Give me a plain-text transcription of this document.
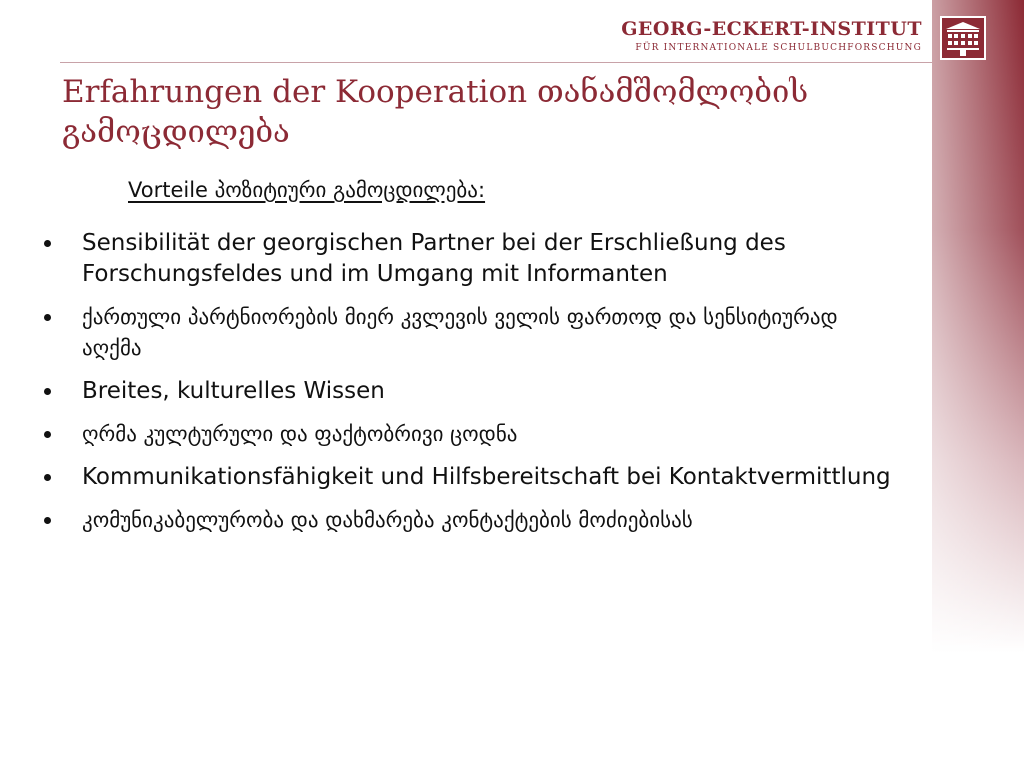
GEORG-ECKERT-INSTITUT
FÜR INTERNATIONALE SCHULBUCHFORSCHUNG
Erfahrungen der Kooperation თანამშომლობის გამოცდილება
Vorteile პოზიტიური გამოცდილება:
Sensibilität der georgischen Partner bei der Erschließung des Forschungsfeldes und im Umgang mit Informanten
ქართული პარტნიორების მიერ კვლევის ველის ფართოდ და სენსიტიურად აღქმა
Breites, kulturelles Wissen
ღრმა კულტურული და ფაქტობრივი ცოდნა
Kommunikationsfähigkeit und Hilfsbereitschaft bei Kontaktvermittlung
კომუნიკაბელურობა და დახმარება კონტაქტების მოძიებისას
